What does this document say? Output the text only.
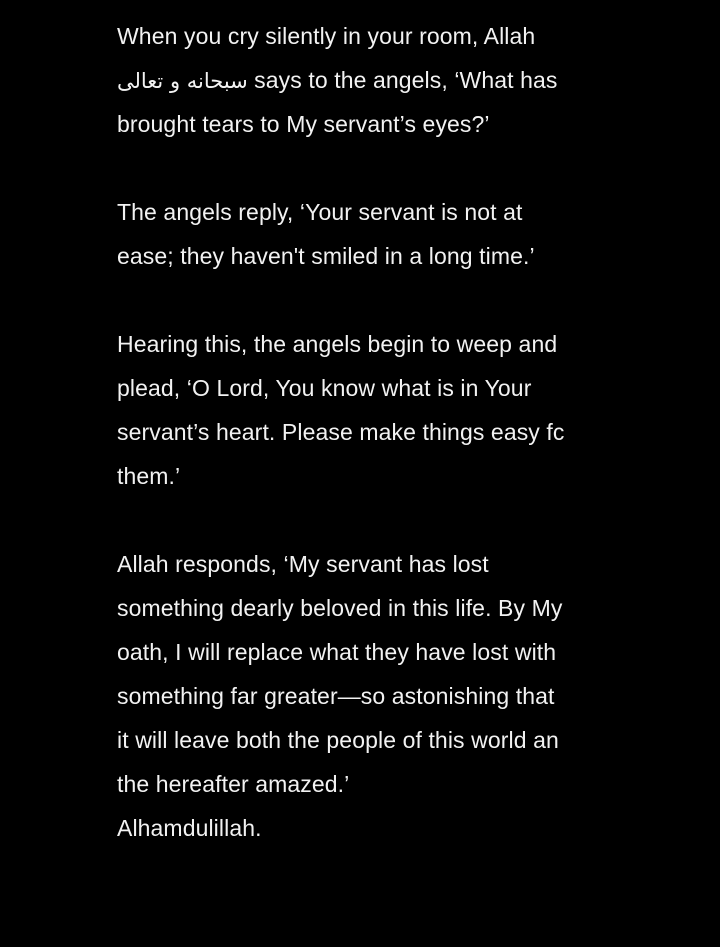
When you cry silently in your room, Allah
سبحانه و تعالى says to the angels, ‘What has
brought tears to My servant’s eyes?’
The angels reply, ‘Your servant is not at
ease; they haven't smiled in a long time.’
Hearing this, the angels begin to weep and
plead, ‘O Lord, You know what is in Your
servant’s heart. Please make things easy fc
them.’
Allah responds, ‘My servant has lost
something dearly beloved in this life. By My
oath, I will replace what they have lost with
something far greater—so astonishing that
it will leave both the people of this world an
the hereafter amazed.’
Alhamdulillah.
